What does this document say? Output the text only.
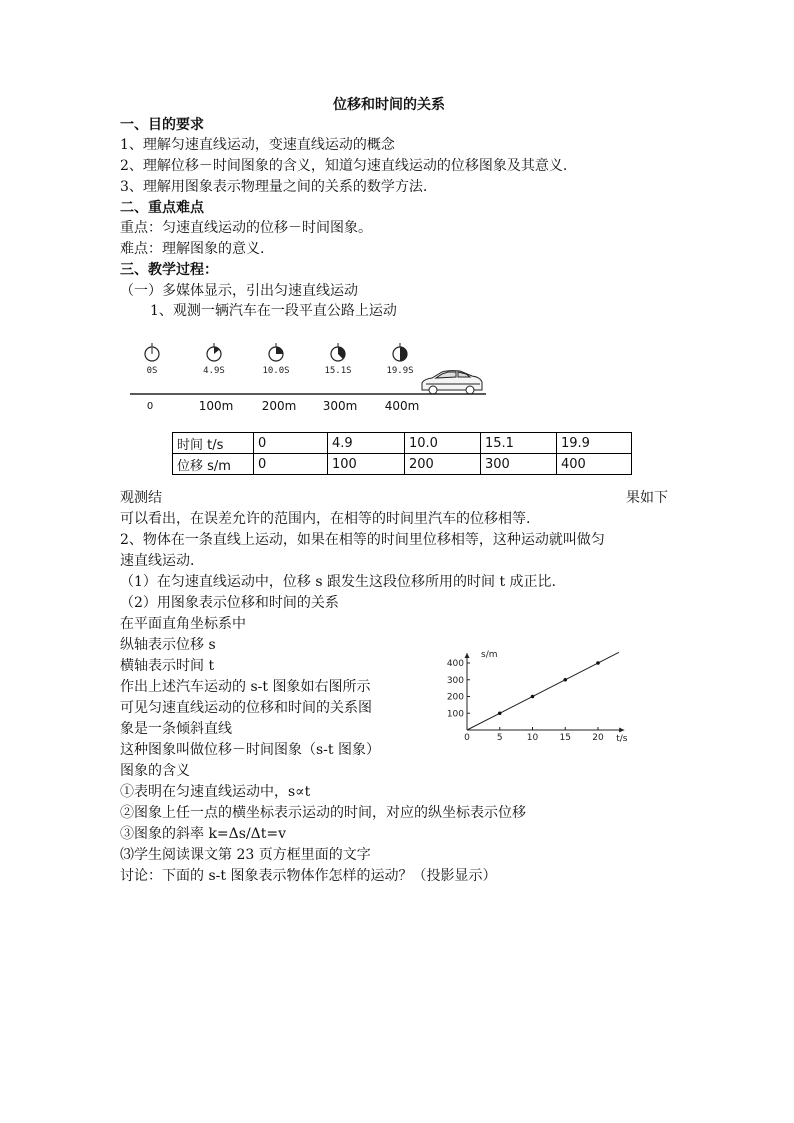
位移和时间的关系
一、目的要求
1、理解匀速直线运动，变速直线运动的概念
2、理解位移－时间图象的含义，知道匀速直线运动的位移图象及其意义.
3、理解用图象表示物理量之间的关系的数学方法.
二、重点难点
重点：匀速直线运动的位移－时间图象。
难点：理解图象的意义.
三、教学过程：
（一）多媒体显示，引出匀速直线运动
1、观测一辆汽车在一段平直公路上运动
0S	4.9S	10.0S	15.1S	19.9S
0	100m 200m 300m 400m
时间 t/s	0	4.9	10.0	15.1	19.9
位移 s/m	0	100	200	300	400
观测结	果如下
可以看出，在误差允许的范围内，在相等的时间里汽车的位移相等.
2、物体在一条直线上运动，如果在相等的时间里位移相等，这种运动就叫做匀
速直线运动.
（1）在匀速直线运动中，位移 s 跟发生这段位移所用的时间 t 成正比.
（2）用图象表示位移和时间的关系
在平面直角坐标系中
纵轴表示位移 s
横轴表示时间 t
作出上述汽车运动的 s-t 图象如右图所示
可见匀速直线运动的位移和时间的关系图
象是一条倾斜直线
这种图象叫做位移－时间图象（s-t 图象）
图象的含义
①表明在匀速直线运动中，s∝t
②图象上任一点的横坐标表示运动的时间，对应的纵坐标表示位移
③图象的斜率 k=Δs/Δt=v
⑶学生阅读课文第 23 页方框里面的文字
讨论：下面的 s-t 图象表示物体作怎样的运动？（投影显示）
s/m
t/s
0	5	10 15 20
100
200
300
400
